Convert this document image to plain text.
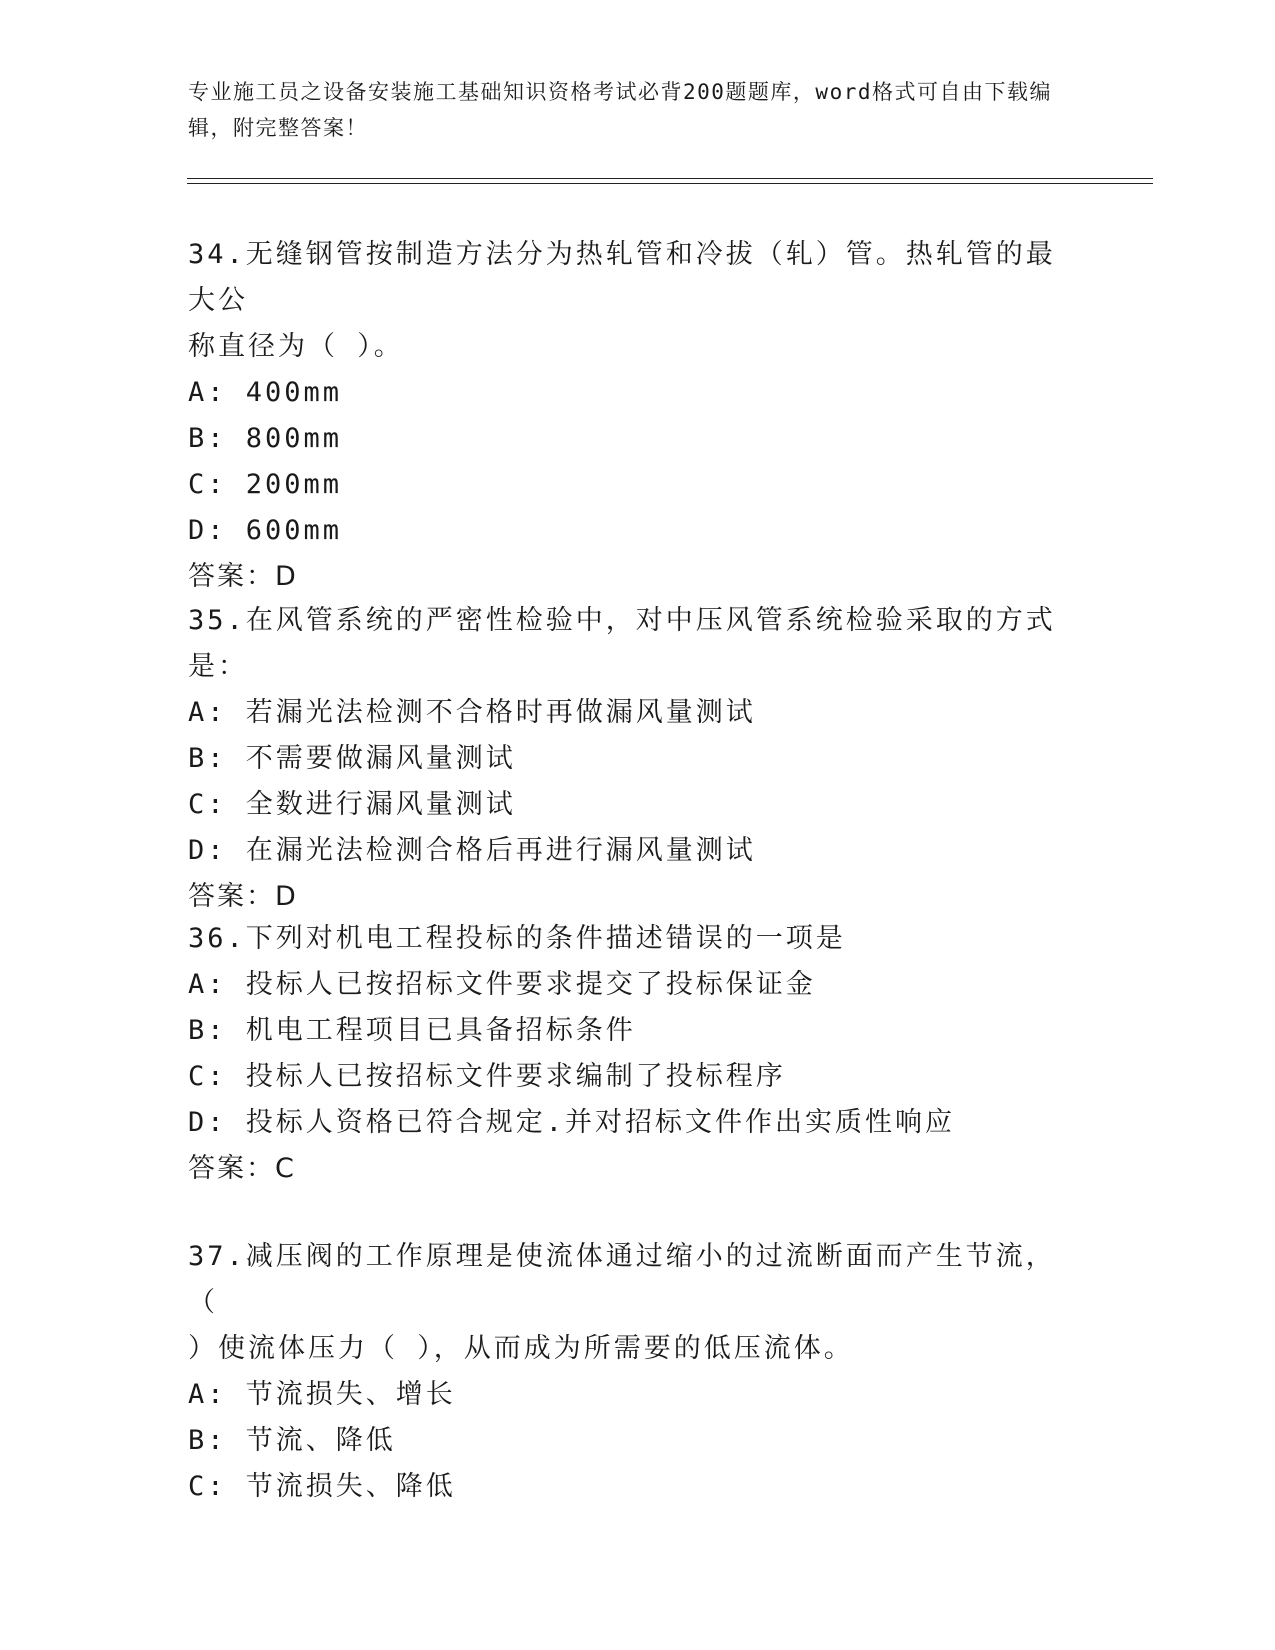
专业施工员之设备安装施工基础知识资格考试必背200题题库，word格式可自由下载编辑，附完整答案！

34.无缝钢管按制造方法分为热轧管和冷拔（轧）管。热轧管的最大公

称直径为（ ）。

A: 400mm

B: 800mm

C: 200mm

D: 600mm

答案：D

35.在风管系统的严密性检验中，对中压风管系统检验采取的方式是：

A: 若漏光法检测不合格时再做漏风量测试

B: 不需要做漏风量测试

C: 全数进行漏风量测试

D: 在漏光法检测合格后再进行漏风量测试

答案：D

36.下列对机电工程投标的条件描述错误的一项是

A: 投标人已按招标文件要求提交了投标保证金

B: 机电工程项目已具备招标条件

C: 投标人已按招标文件要求编制了投标程序

D: 投标人资格已符合规定.并对招标文件作出实质性响应

答案：C

37.减压阀的工作原理是使流体通过缩小的过流断面而产生节流，（

）使流体压力（ ），从而成为所需要的低压流体。

A: 节流损失、增长

B: 节流、降低

C: 节流损失、降低
